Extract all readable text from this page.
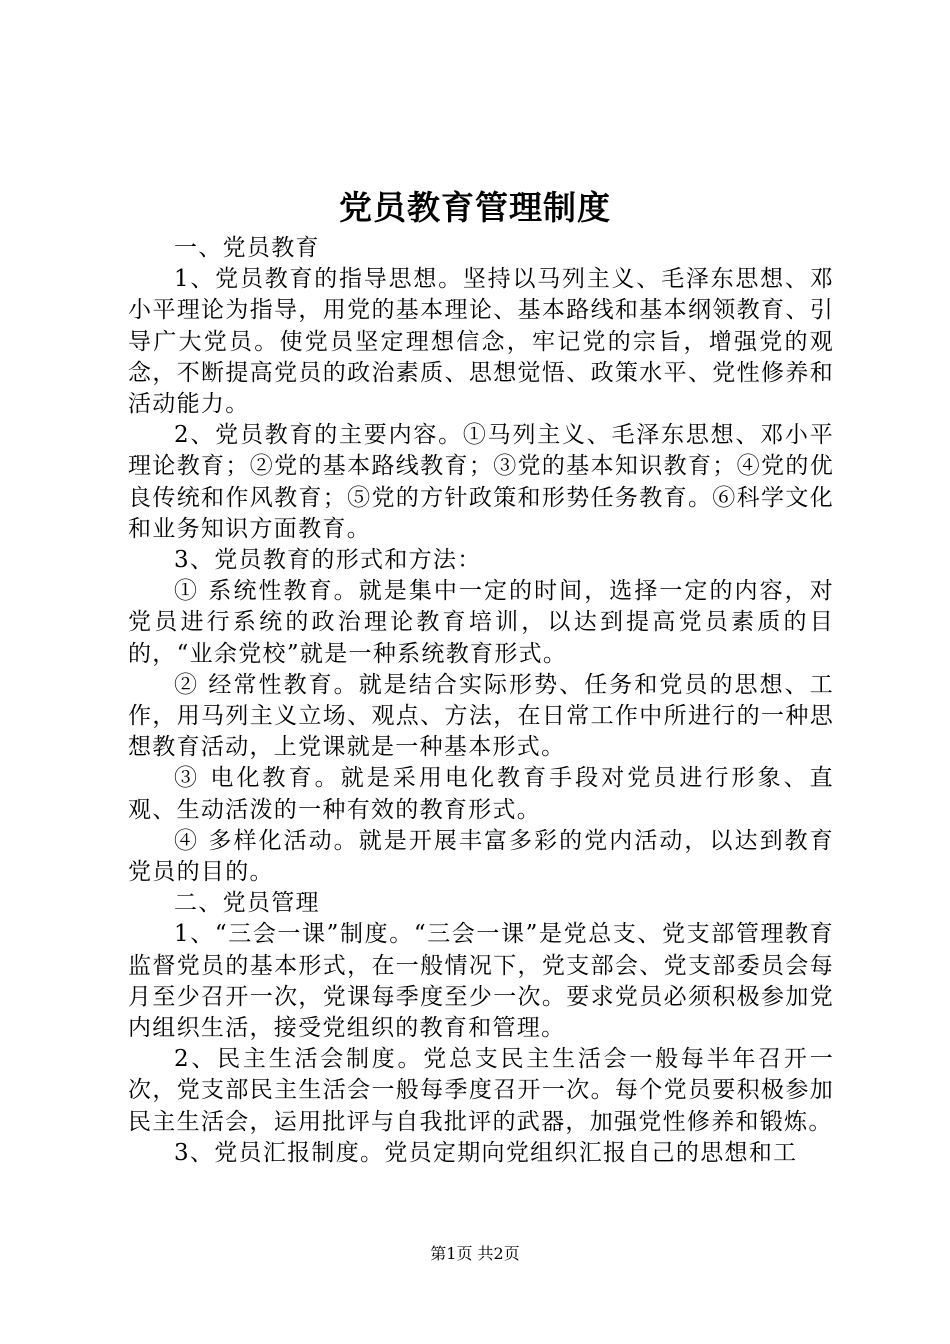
党员教育管理制度

一、党员教育

1、党员教育的指导思想。坚持以马列主义、毛泽东思想、邓小平理论为指导，用党的基本理论、基本路线和基本纲领教育、引导广大党员。使党员坚定理想信念，牢记党的宗旨，增强党的观念，不断提高党员的政治素质、思想觉悟、政策水平、党性修养和活动能力。

2、党员教育的主要内容。①马列主义、毛泽东思想、邓小平理论教育；②党的基本路线教育；③党的基本知识教育；④党的优良传统和作风教育；⑤党的方针政策和形势任务教育。⑥科学文化和业务知识方面教育。

3、党员教育的形式和方法：

① 系统性教育。就是集中一定的时间，选择一定的内容，对党员进行系统的政治理论教育培训，以达到提高党员素质的目的，“业余党校”就是一种系统教育形式。

② 经常性教育。就是结合实际形势、任务和党员的思想、工作，用马列主义立场、观点、方法，在日常工作中所进行的一种思想教育活动，上党课就是一种基本形式。

③ 电化教育。就是采用电化教育手段对党员进行形象、直观、生动活泼的一种有效的教育形式。

④ 多样化活动。就是开展丰富多彩的党内活动，以达到教育党员的目的。

二、党员管理

1、“三会一课”制度。“三会一课”是党总支、党支部管理教育监督党员的基本形式，在一般情况下，党支部会、党支部委员会每月至少召开一次，党课每季度至少一次。要求党员必须积极参加党内组织生活，接受党组织的教育和管理。

2、民主生活会制度。党总支民主生活会一般每半年召开一次，党支部民主生活会一般每季度召开一次。每个党员要积极参加民主生活会，运用批评与自我批评的武器，加强党性修养和锻炼。

3、党员汇报制度。党员定期向党组织汇报自己的思想和工

第1页 共2页
